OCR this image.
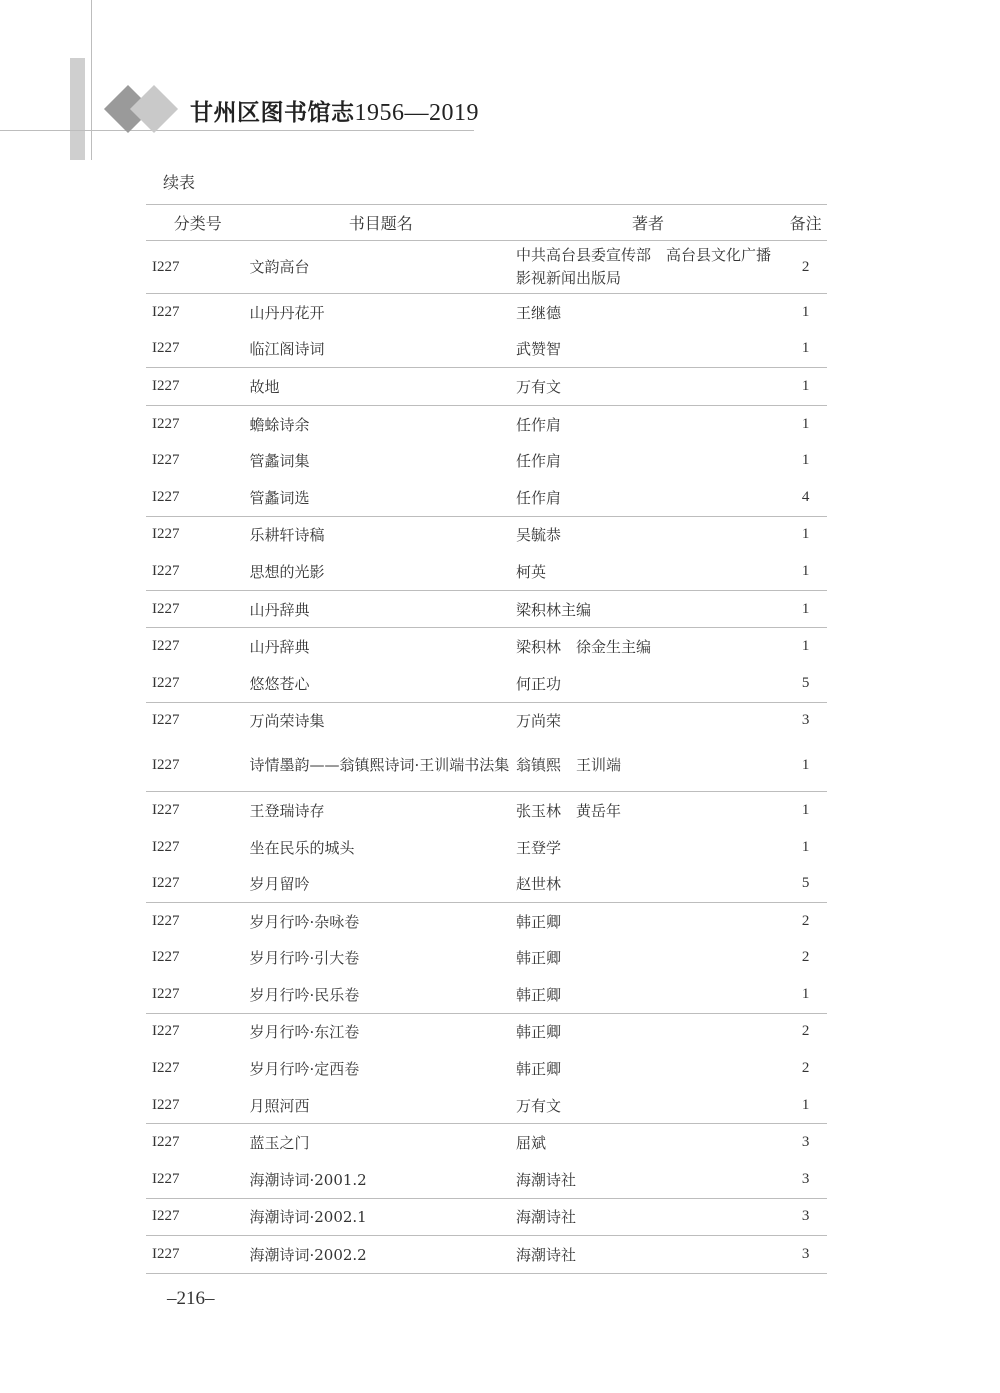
甘州区图书馆志1956—2019
续表
分类号	书目题名	著者	备注
I227	文韵高台	中共高台县委宣传部　高台县文化广播影视新闻出版局	2
I227	山丹丹花开	王继德	1
I227	临江阁诗词	武赞智	1
I227	故地	万有文	1
I227	蟾蜍诗余	任作肩	1
I227	管蠡词集	任作肩	1
I227	管蠡词选	任作肩	4
I227	乐耕轩诗稿	吴毓恭	1
I227	思想的光影	柯英	1
I227	山丹辞典	梁积林主编	1
I227	山丹辞典	梁积林　徐金生主编	1
I227	悠悠苍心	何正功	5
I227	万尚荣诗集	万尚荣	3
I227	诗情墨韵——翁镇熙诗词·王训端书法集	翁镇熙　王训端	1
I227	王登瑞诗存	张玉林　黄岳年	1
I227	坐在民乐的城头	王登学	1
I227	岁月留吟	赵世林	5
I227	岁月行吟·杂咏卷	韩正卿	2
I227	岁月行吟·引大卷	韩正卿	2
I227	岁月行吟·民乐卷	韩正卿	1
I227	岁月行吟·东江卷	韩正卿	2
I227	岁月行吟·定西卷	韩正卿	2
I227	月照河西	万有文	1
I227	蓝玉之门	屈斌	3
I227	海潮诗词·2001.2	海潮诗社	3
I227	海潮诗词·2002.1	海潮诗社	3
I227	海潮诗词·2002.2	海潮诗社	3
–216–
